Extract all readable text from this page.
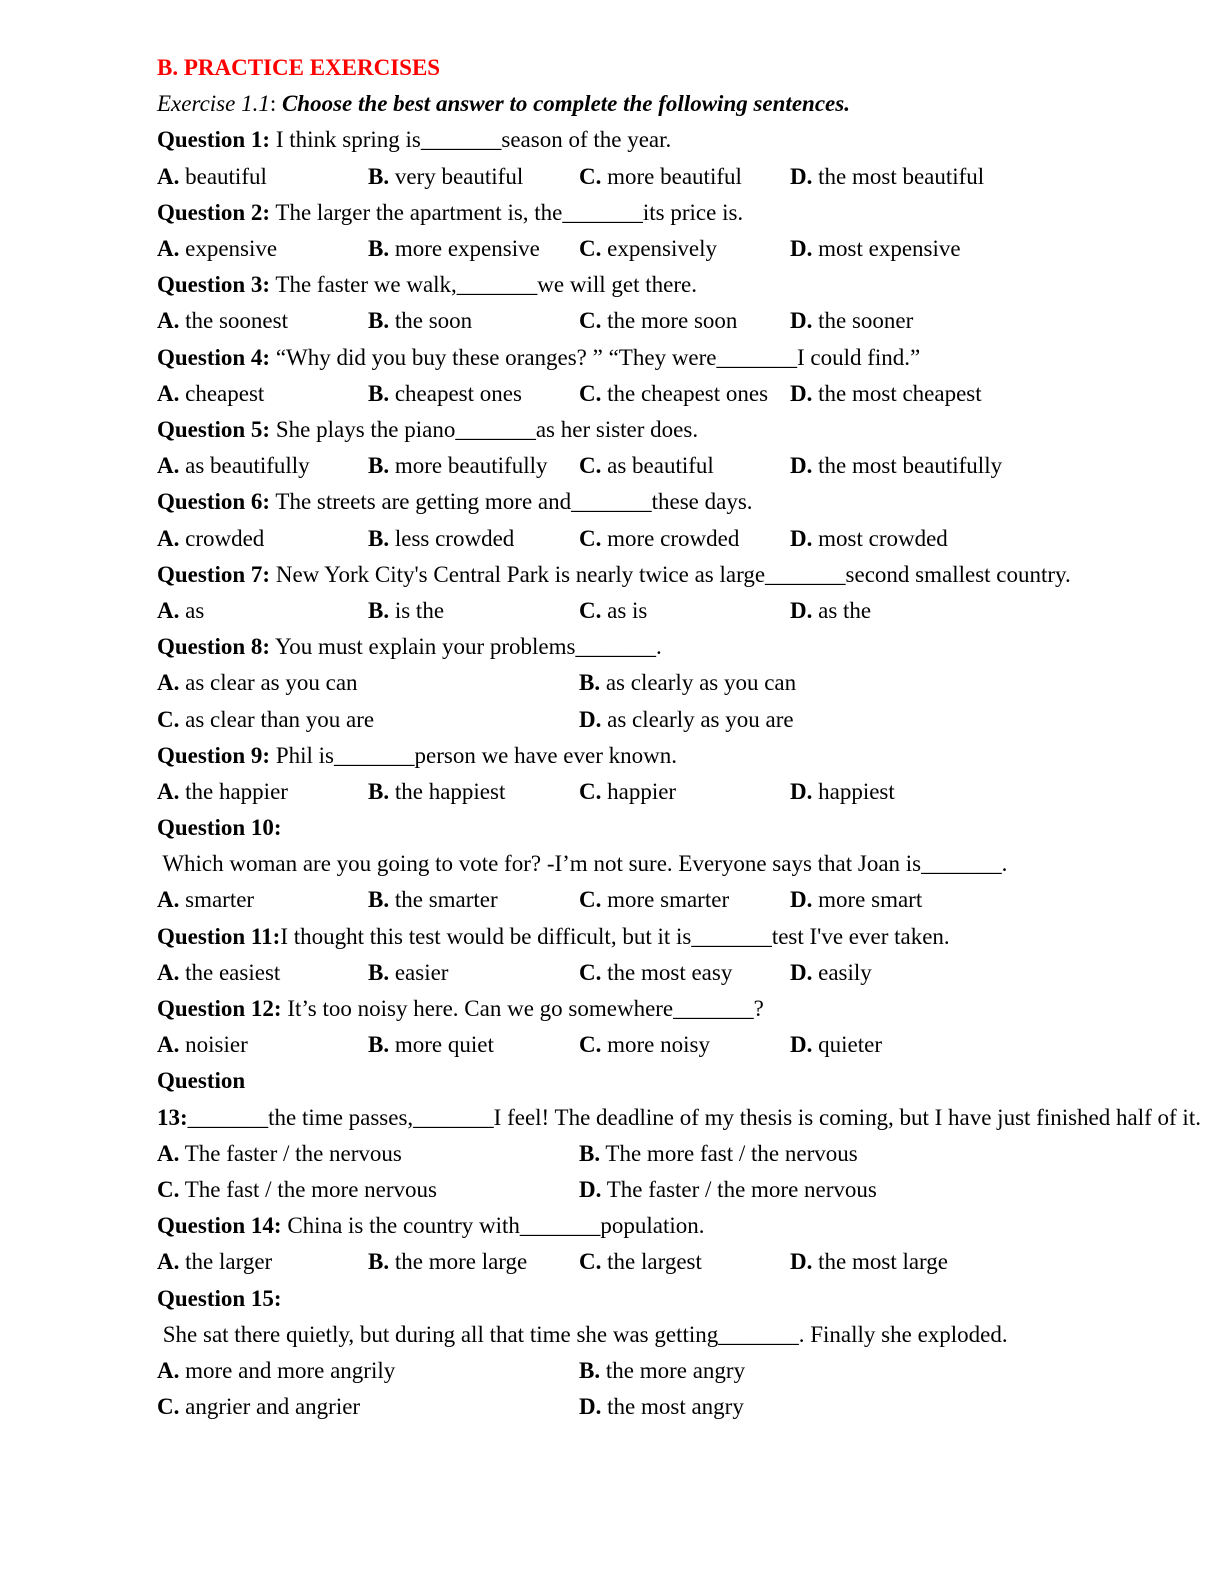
B. PRACTICE EXERCISES
Exercise 1.1: Choose the best answer to complete the following sentences.
Question 1: I think spring is_______season of the year.
A. beautiful	B. very beautiful	C. more beautiful	D. the most beautiful
Question 2: The larger the apartment is, the_______its price is.
A. expensive	B. more expensive	C. expensively	D. most expensive
Question 3: The faster we walk,_______we will get there.
A. the soonest	B. the soon	C. the more soon	D. the sooner
Question 4: “Why did you buy these oranges? ” “They were_______I could find.”
A. cheapest	B. cheapest ones	C. the cheapest ones D. the most cheapest
Question 5: She plays the piano_______as her sister does.
A. as beautifully	B. more beautifully	C. as beautiful	D. the most beautifully
Question 6: The streets are getting more and_______these days.
A. crowded	B. less crowded	C. more crowded	D. most crowded
Question 7: New York City's Central Park is nearly twice as large_______second smallest country.
A. as	B. is the	C. as is	D. as the
Question 8: You must explain your problems_______.
A. as clear as you can	B. as clearly as you can
C. as clear than you are	D. as clearly as you are
Question 9: Phil is_______person we have ever known.
A. the happier	B. the happiest	C. happier	D. happiest
Question 10: Which woman are you going to vote for? -I’m not sure. Everyone says that Joan is_______.
A. smarter	B. the smarter	C. more smarter	D. more smart
Question 11:I thought this test would be difficult, but it is_______test I've ever taken.
A. the easiest	B. easier	C. the most easy	D. easily
Question 12: It’s too noisy here. Can we go somewhere_______?
A. noisier	B. more quiet	C. more noisy	D. quieter
Question 13:_______the time passes,_______I feel! The deadline of my thesis is coming, but I have just finished half of it.
A. The faster / the nervous	B. The more fast / the nervous
C. The fast / the more nervous	D. The faster / the more nervous
Question 14: China is the country with_______population.
A. the larger	B. the more large	C. the largest	D. the most large
Question 15: She sat there quietly, but during all that time she was getting_______. Finally she exploded.
A. more and more angrily	B. the more angry
C. angrier and angrier	D. the most angry
